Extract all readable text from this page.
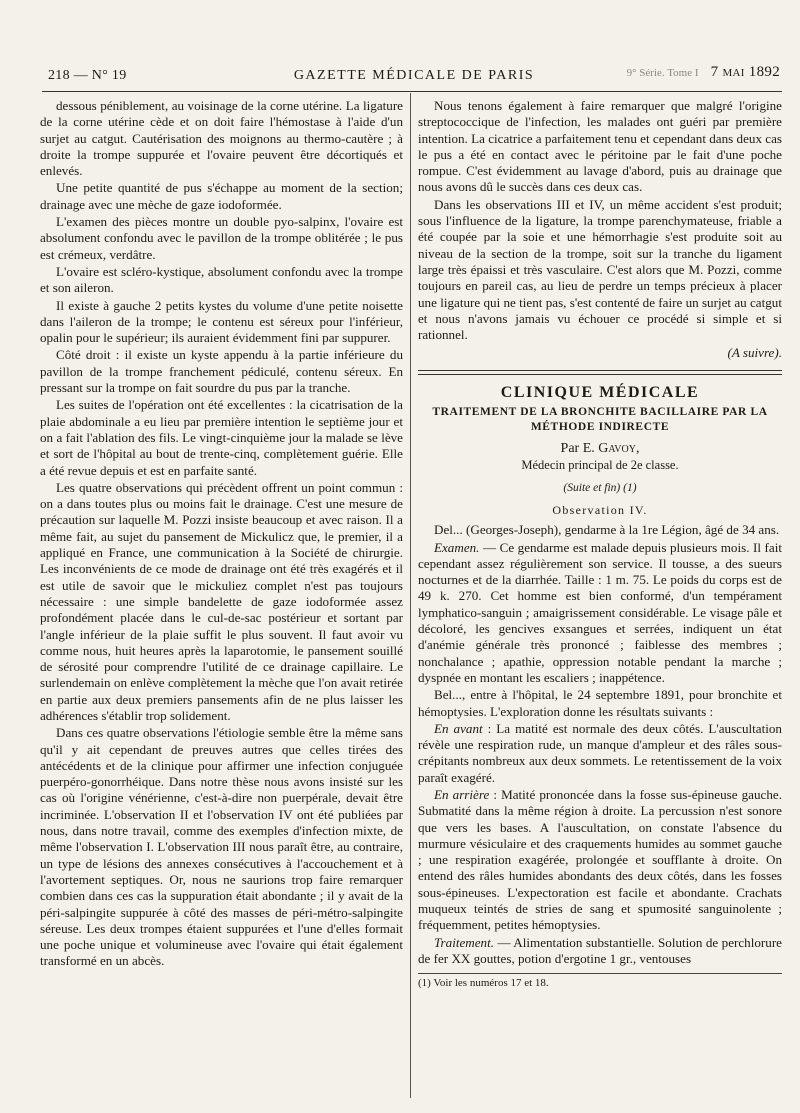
218 — N° 19	GAZETTE MÉDICALE DE PARIS	9° Série. Tome I 7 MAI 1892

dessous péniblement, au voisinage de la corne utérine. La ligature de la corne utérine cède et on doit faire l'hémostase à l'aide d'un surjet au catgut. Cautérisation des moignons au thermo-cautère ; à droite la trompe suppurée et l'ovaire peuvent être décortiqués et enlevés.

Une petite quantité de pus s'échappe au moment de la section; drainage avec une mèche de gaze iodoformée.

L'examen des pièces montre un double pyo-salpinx, l'ovaire est absolument confondu avec le pavillon de la trompe oblitérée ; le pus est crémeux, verdâtre.

L'ovaire est scléro-kystique, absolument confondu avec la trompe et son aileron.

Il existe à gauche 2 petits kystes du volume d'une petite noisette dans l'aileron de la trompe; le contenu est séreux pour l'inférieur, opalin pour le supérieur; ils auraient évidemment fini par suppurer.

Côté droit : il existe un kyste appendu à la partie inférieure du pavillon de la trompe franchement pédiculé, contenu séreux. En pressant sur la trompe on fait sourdre du pus par la tranche.

Les suites de l'opération ont été excellentes : la cicatrisation de la plaie abdominale a eu lieu par première intention le septième jour et on a fait l'ablation des fils. Le vingt-cinquième jour la malade se lève et sort de l'hôpital au bout de trente-cinq, complètement guérie. Elle a été revue depuis et est en parfaite santé.

Les quatre observations qui précèdent offrent un point commun : on a dans toutes plus ou moins fait le drainage. C'est une mesure de précaution sur laquelle M. Pozzi insiste beaucoup et avec raison. Il a même fait, au sujet du pansement de Mickulicz que, le premier, il a appliqué en France, une communication à la Société de chirurgie. Les inconvénients de ce mode de drainage ont été très exagérés et il est utile de savoir que le mickuliez complet n'est pas toujours nécessaire : une simple bandelette de gaze iodoformée assez profondément placée dans le cul-de-sac postérieur et sortant par l'angle inférieur de la plaie suffit le plus souvent. Il faut avoir vu comme nous, huit heures après la laparotomie, le pansement souillé de sérosité pour comprendre l'utilité de ce drainage capillaire. Le surlendemain on enlève complètement la mèche que l'on avait retirée en partie aux deux premiers pansements afin de ne plus laisser les adhérences s'établir trop solidement.

Dans ces quatre observations l'étiologie semble être la même sans qu'il y ait cependant de preuves autres que celles tirées des antécédents et de la clinique pour affirmer une infection conjuguée puerpéro-gonorrhéique. Dans notre thèse nous avons insisté sur les cas où l'origine vénérienne, c'est-à-dire non puerpérale, devait être incriminée. L'observation II et l'observation IV ont été publiées par nous, dans notre travail, comme des exemples d'infection mixte, de même l'observation I. L'observation III nous paraît être, au contraire, un type de lésions des annexes consécutives à l'accouchement et à l'avortement septiques. Or, nous ne saurions trop faire remarquer combien dans ces cas la suppuration était abondante ; il y avait de la péri-salpingite suppurée à côté des masses de péri-métro-salpingite séreuse. Les deux trompes étaient suppurées et l'une d'elles formait une poche unique et volumineuse avec l'ovaire qui était également transformé en un abcès.

Nous tenons également à faire remarquer que malgré l'origine streptococcique de l'infection, les malades ont guéri par première intention. La cicatrice a parfaitement tenu et cependant dans deux cas le pus a été en contact avec le péritoine par le fait d'une poche rompue. C'est évidemment au lavage d'abord, puis au drainage que nous avons dû le succès dans ces deux cas.

Dans les observations III et IV, un même accident s'est produit; sous l'influence de la ligature, la trompe parenchymateuse, friable a été coupée par la soie et une hémorrhagie s'est produite soit au niveau de la section de la trompe, soit sur la tranche du ligament large très épaissi et très vasculaire. C'est alors que M. Pozzi, comme toujours en pareil cas, au lieu de perdre un temps précieux à placer une ligature qui ne tient pas, s'est contenté de faire un surjet au catgut et nous n'avons jamais vu échouer ce procédé si simple et si rationnel.

(A suivre).
CLINIQUE MÉDICALE
TRAITEMENT DE LA BRONCHITE BACILLAIRE PAR LA
MÉTHODE INDIRECTE
Par E. Gavoy,
Médecin principal de 2e classe.
(Suite et fin) (1)
Observation IV.

Del... (Georges-Joseph), gendarme à la 1re Légion, âgé de 34 ans.

Examen. — Ce gendarme est malade depuis plusieurs mois. Il fait cependant assez régulièrement son service. Il tousse, a des sueurs nocturnes et de la diarrhée. Taille : 1 m. 75. Le poids du corps est de 49 k. 270. Cet homme est bien conformé, d'un tempérament lymphatico-sanguin ; amaigrissement considérable. Le visage pâle et décoloré, les gencives exsangues et serrées, indiquent un état d'anémie générale très prononcé ; faiblesse des membres ; nonchalance ; apathie, oppression notable pendant la marche ; dyspnée en montant les escaliers ; inappétence.

Bel..., entre à l'hôpital, le 24 septembre 1891, pour bronchite et hémoptysies. L'exploration donne les résultats suivants :

En avant : La matité est normale des deux côtés. L'auscultation révèle une respiration rude, un manque d'ampleur et des râles sous-crépitants nombreux aux deux sommets. Le retentissement de la voix paraît exagéré.

En arrière : Matité prononcée dans la fosse sus-épineuse gauche. Submatité dans la même région à droite. La percussion n'est sonore que vers les bases. A l'auscultation, on constate l'absence du murmure vésiculaire et des craquements humides au sommet gauche ; une respiration exagérée, prolongée et soufflante à droite. On entend des râles humides abondants des deux côtés, dans les fosses sous-épineuses. L'expectoration est facile et abondante. Crachats muqueux teintés de stries de sang et spumosité sanguinolente ; fréquemment, petites hémoptysies.

Traitement. — Alimentation substantielle. Solution de perchlorure de fer XX gouttes, potion d'ergotine 1 gr., ventouses

(1) Voir les numéros 17 et 18.
